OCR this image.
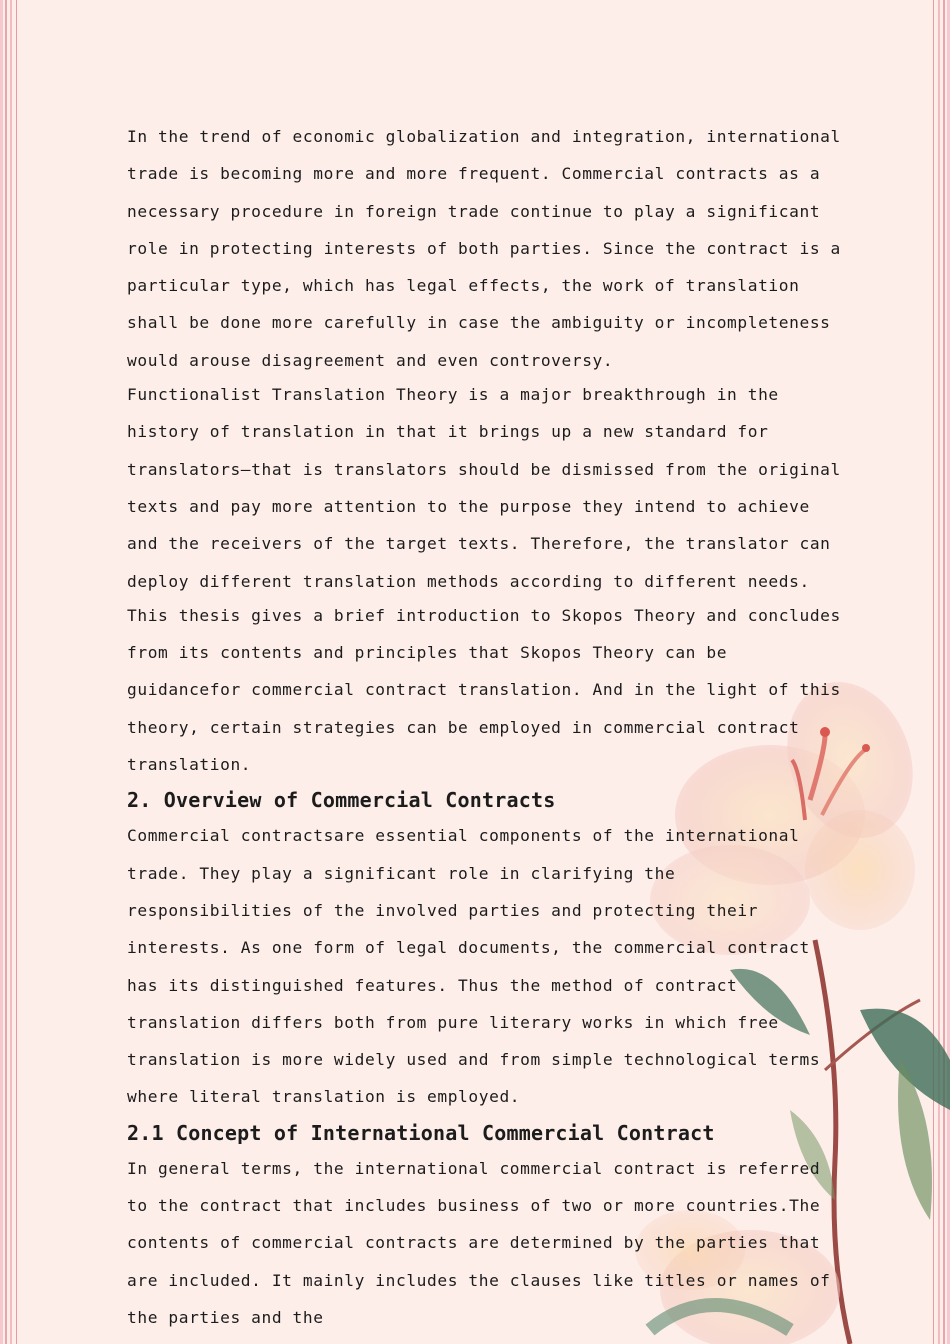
In the trend of economic globalization and integration, international trade is becoming more and more frequent. Commercial contracts as a necessary procedure in foreign trade continue to play a significant role in protecting interests of both parties. Since the contract is a particular type, which has legal effects, the work of translation shall be done more carefully in case the ambiguity or incompleteness would arouse disagreement and even controversy.

Functionalist Translation Theory is a major breakthrough in the history of translation in that it brings up a new standard for translators—that is translators should be dismissed from the original texts and pay more attention to the purpose they intend to achieve and the receivers of the target texts. Therefore, the translator can deploy different translation methods according to different needs.

This thesis gives a brief introduction to Skopos Theory and concludes from its contents and principles that Skopos Theory can be guidancefor commercial contract translation. And in the light of this theory, certain strategies can be employed in commercial contract translation.

2. Overview of Commercial Contracts

Commercial contractsare essential components of the international trade. They play a significant role in clarifying the responsibilities of the involved parties and protecting their interests. As one form of legal documents, the commercial contract has its distinguished features. Thus the method of contract translation differs both from pure literary works in which free translation is more widely used and from simple technological terms where literal translation is employed.

2.1 Concept of International Commercial Contract

In general terms, the international commercial contract is referred to the contract that includes business of two or more countries.The contents of commercial contracts are determined by the parties that are included. It mainly includes the clauses like titles or names of the parties and the
